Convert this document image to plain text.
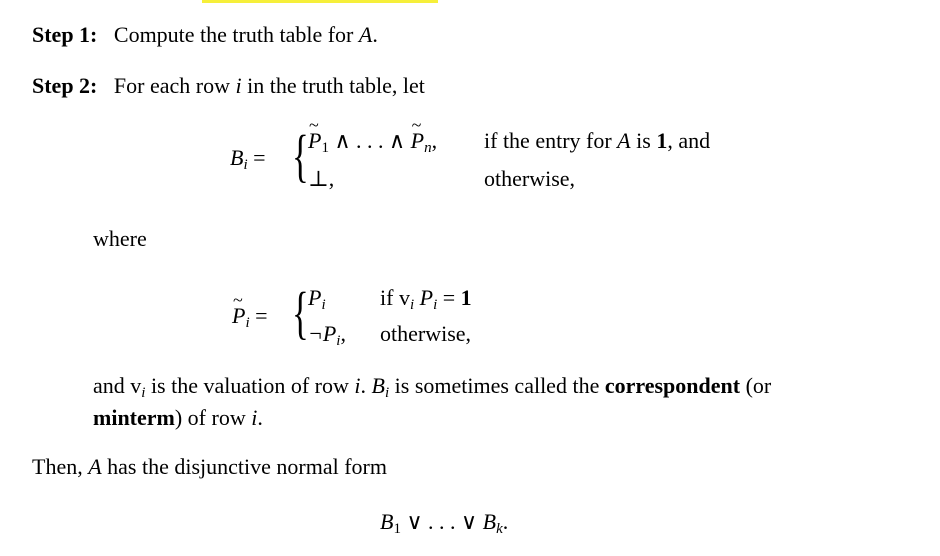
Step 1: Compute the truth table for A.
Step 2: For each row i in the truth table, let
$B_i$ = {
~ $P_1$ ∧ . . . ∧ ~ $P_n$, if the entry for A is 1, and
⊥,	otherwise,
where
~ $P_i$ = { $P_i$ if $v_i$ $P_i = 1$
$\neg P_i$, otherwise,
and $v_i$ is the valuation of row i. $B_i$ is sometimes called the correspondent (or
minterm) of row i.
Then, A has the disjunctive normal form
$B_1$ ∨ . . . ∨ $B_k$.
